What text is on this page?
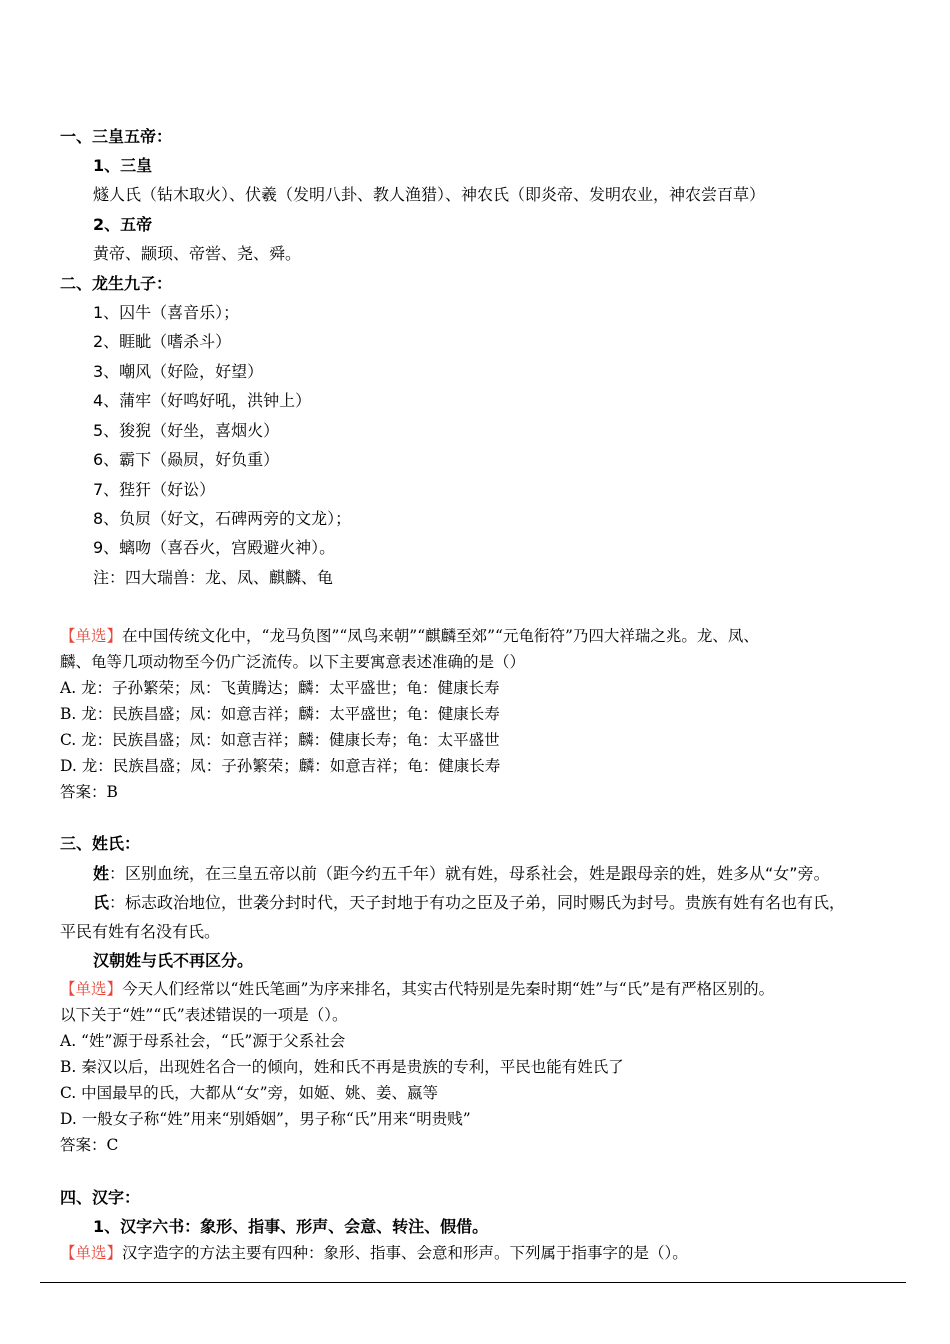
一、三皇五帝：
1、三皇
燧人氏（钻木取火）、伏羲（发明八卦、教人渔猎）、神农氏（即炎帝、发明农业，神农尝百草）
2、五帝
黄帝、颛顼、帝喾、尧、舜。
二、龙生九子：
1、囚牛（喜音乐）；
2、睚眦（嗜杀斗）
3、嘲风（好险，好望）
4、蒲牢（好鸣好吼，洪钟上）
5、狻猊（好坐，喜烟火）
6、霸下（赑屃，好负重）
7、狴犴（好讼）
8、负屃（好文，石碑两旁的文龙）；
9、螭吻（喜吞火，宫殿避火神）。
注：四大瑞兽：龙、凤、麒麟、龟
【单选】在中国传统文化中，“龙马负图”“凤鸟来朝”“麒麟至郊”“元龟衔符”乃四大祥瑞之兆。龙、凤、
麟、龟等几项动物至今仍广泛流传。以下主要寓意表述准确的是（）
A. 龙：子孙繁荣；凤：飞黄腾达；麟：太平盛世；龟：健康长寿
B. 龙：民族昌盛；凤：如意吉祥；麟：太平盛世；龟：健康长寿
C. 龙：民族昌盛；凤：如意吉祥；麟：健康长寿；龟：太平盛世
D. 龙：民族昌盛；凤：子孙繁荣；麟：如意吉祥；龟：健康长寿
答案：B
三、姓氏：
姓：区别血统，在三皇五帝以前（距今约五千年）就有姓，母系社会，姓是跟母亲的姓，姓多从“女”旁。
氏：标志政治地位，世袭分封时代，天子封地于有功之臣及子弟，同时赐氏为封号。贵族有姓有名也有氏，
平民有姓有名没有氏。
汉朝姓与氏不再区分。
【单选】今天人们经常以“姓氏笔画”为序来排名，其实古代特别是先秦时期“姓”与“氏”是有严格区别的。
以下关于“姓”“氏”表述错误的一项是（）。
A. “姓”源于母系社会，“氏”源于父系社会
B. 秦汉以后，出现姓名合一的倾向，姓和氏不再是贵族的专利，平民也能有姓氏了
C. 中国最早的氏，大都从“女”旁，如姬、姚、姜、嬴等
D. 一般女子称“姓”用来“别婚姻”，男子称“氏”用来“明贵贱”
答案：C
四、汉字：
1、汉字六书：象形、指事、形声、会意、转注、假借。
【单选】汉字造字的方法主要有四种：象形、指事、会意和形声。下列属于指事字的是（）。
